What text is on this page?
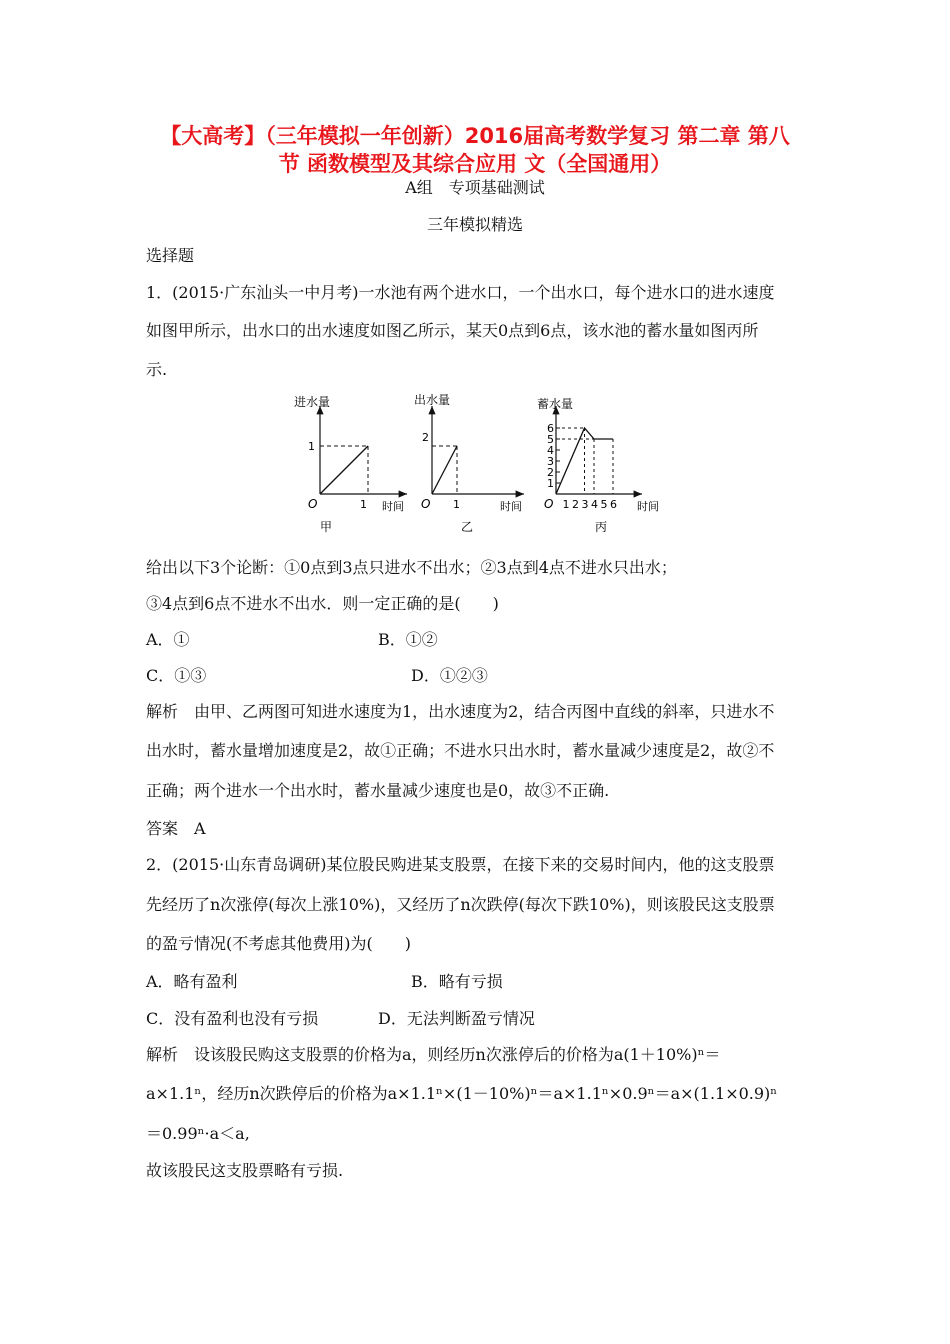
【大高考】（三年模拟一年创新）2016届高考数学复习 第二章 第八节 函数模型及其综合应用 文（全国通用）
A组　专项基础测试
三年模拟精选
选择题
1．(2015·广东汕头一中月考)一水池有两个进水口，一个出水口，每个进水口的进水速度
如图甲所示，出水口的出水速度如图乙所示，某天0点到6点，该水池的蓄水量如图丙所
示.
进水量
时间
O
1
1
甲
出水量
时间
O
2
1
乙
1
2
3
4
5
6
1 2 3 4 5 6
蓄水量
时间
O
丙
给出以下3个论断：①0点到3点只进水不出水；②3点到4点不进水只出水；
③4点到6点不进水不出水．则一定正确的是(　　)
A．①	B．①②
C．①③	D．①②③
解析　由甲、乙两图可知进水速度为1，出水速度为2，结合丙图中直线的斜率，只进水不
出水时，蓄水量增加速度是2，故①正确；不进水只出水时，蓄水量减少速度是2，故②不
正确；两个进水一个出水时，蓄水量减少速度也是0，故③不正确.
答案　A
2．(2015·山东青岛调研)某位股民购进某支股票，在接下来的交易时间内，他的这支股票
先经历了n次涨停(每次上涨10%)，又经历了n次跌停(每次下跌10%)，则该股民这支股票
的盈亏情况(不考虑其他费用)为(　　)
A．略有盈利	B．略有亏损
C．没有盈利也没有亏损	D．无法判断盈亏情况
解析　设该股民购这支股票的价格为a，则经历n次涨停后的价格为a(1＋10%)ⁿ＝
a×1.1ⁿ，经历n次跌停后的价格为a×1.1ⁿ×(1－10%)ⁿ＝a×1.1ⁿ×0.9ⁿ＝a×(1.1×0.9)ⁿ
＝0.99ⁿ·a＜a,
故该股民这支股票略有亏损.
